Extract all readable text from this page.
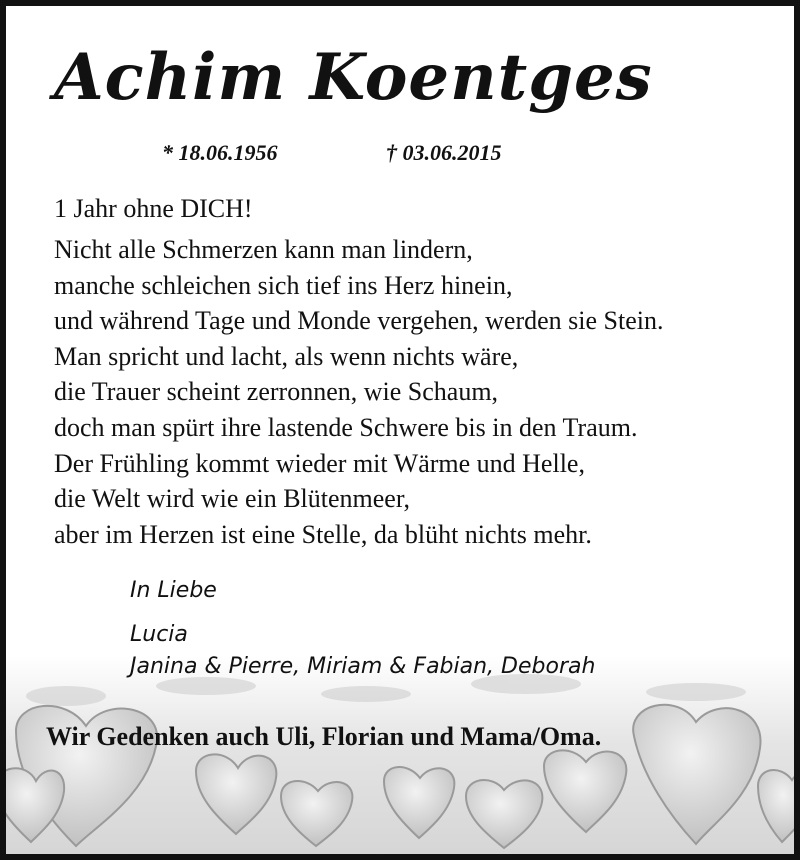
Achim Koentges
* 18.06.1956	† 03.06.2015
1 Jahr ohne DICH!
Nicht alle Schmerzen kann man lindern,
manche schleichen sich tief ins Herz hinein,
und während Tage und Monde vergehen, werden sie Stein.
Man spricht und lacht, als wenn nichts wäre,
die Trauer scheint zerronnen, wie Schaum,
doch man spürt ihre lastende Schwere bis in den Traum.
Der Frühling kommt wieder mit Wärme und Helle,
die Welt wird wie ein Blütenmeer,
aber im Herzen ist eine Stelle, da blüht nichts mehr.
In Liebe
Lucia
Janina & Pierre, Miriam & Fabian, Deborah
Wir Gedenken auch Uli, Florian und Mama/Oma.
